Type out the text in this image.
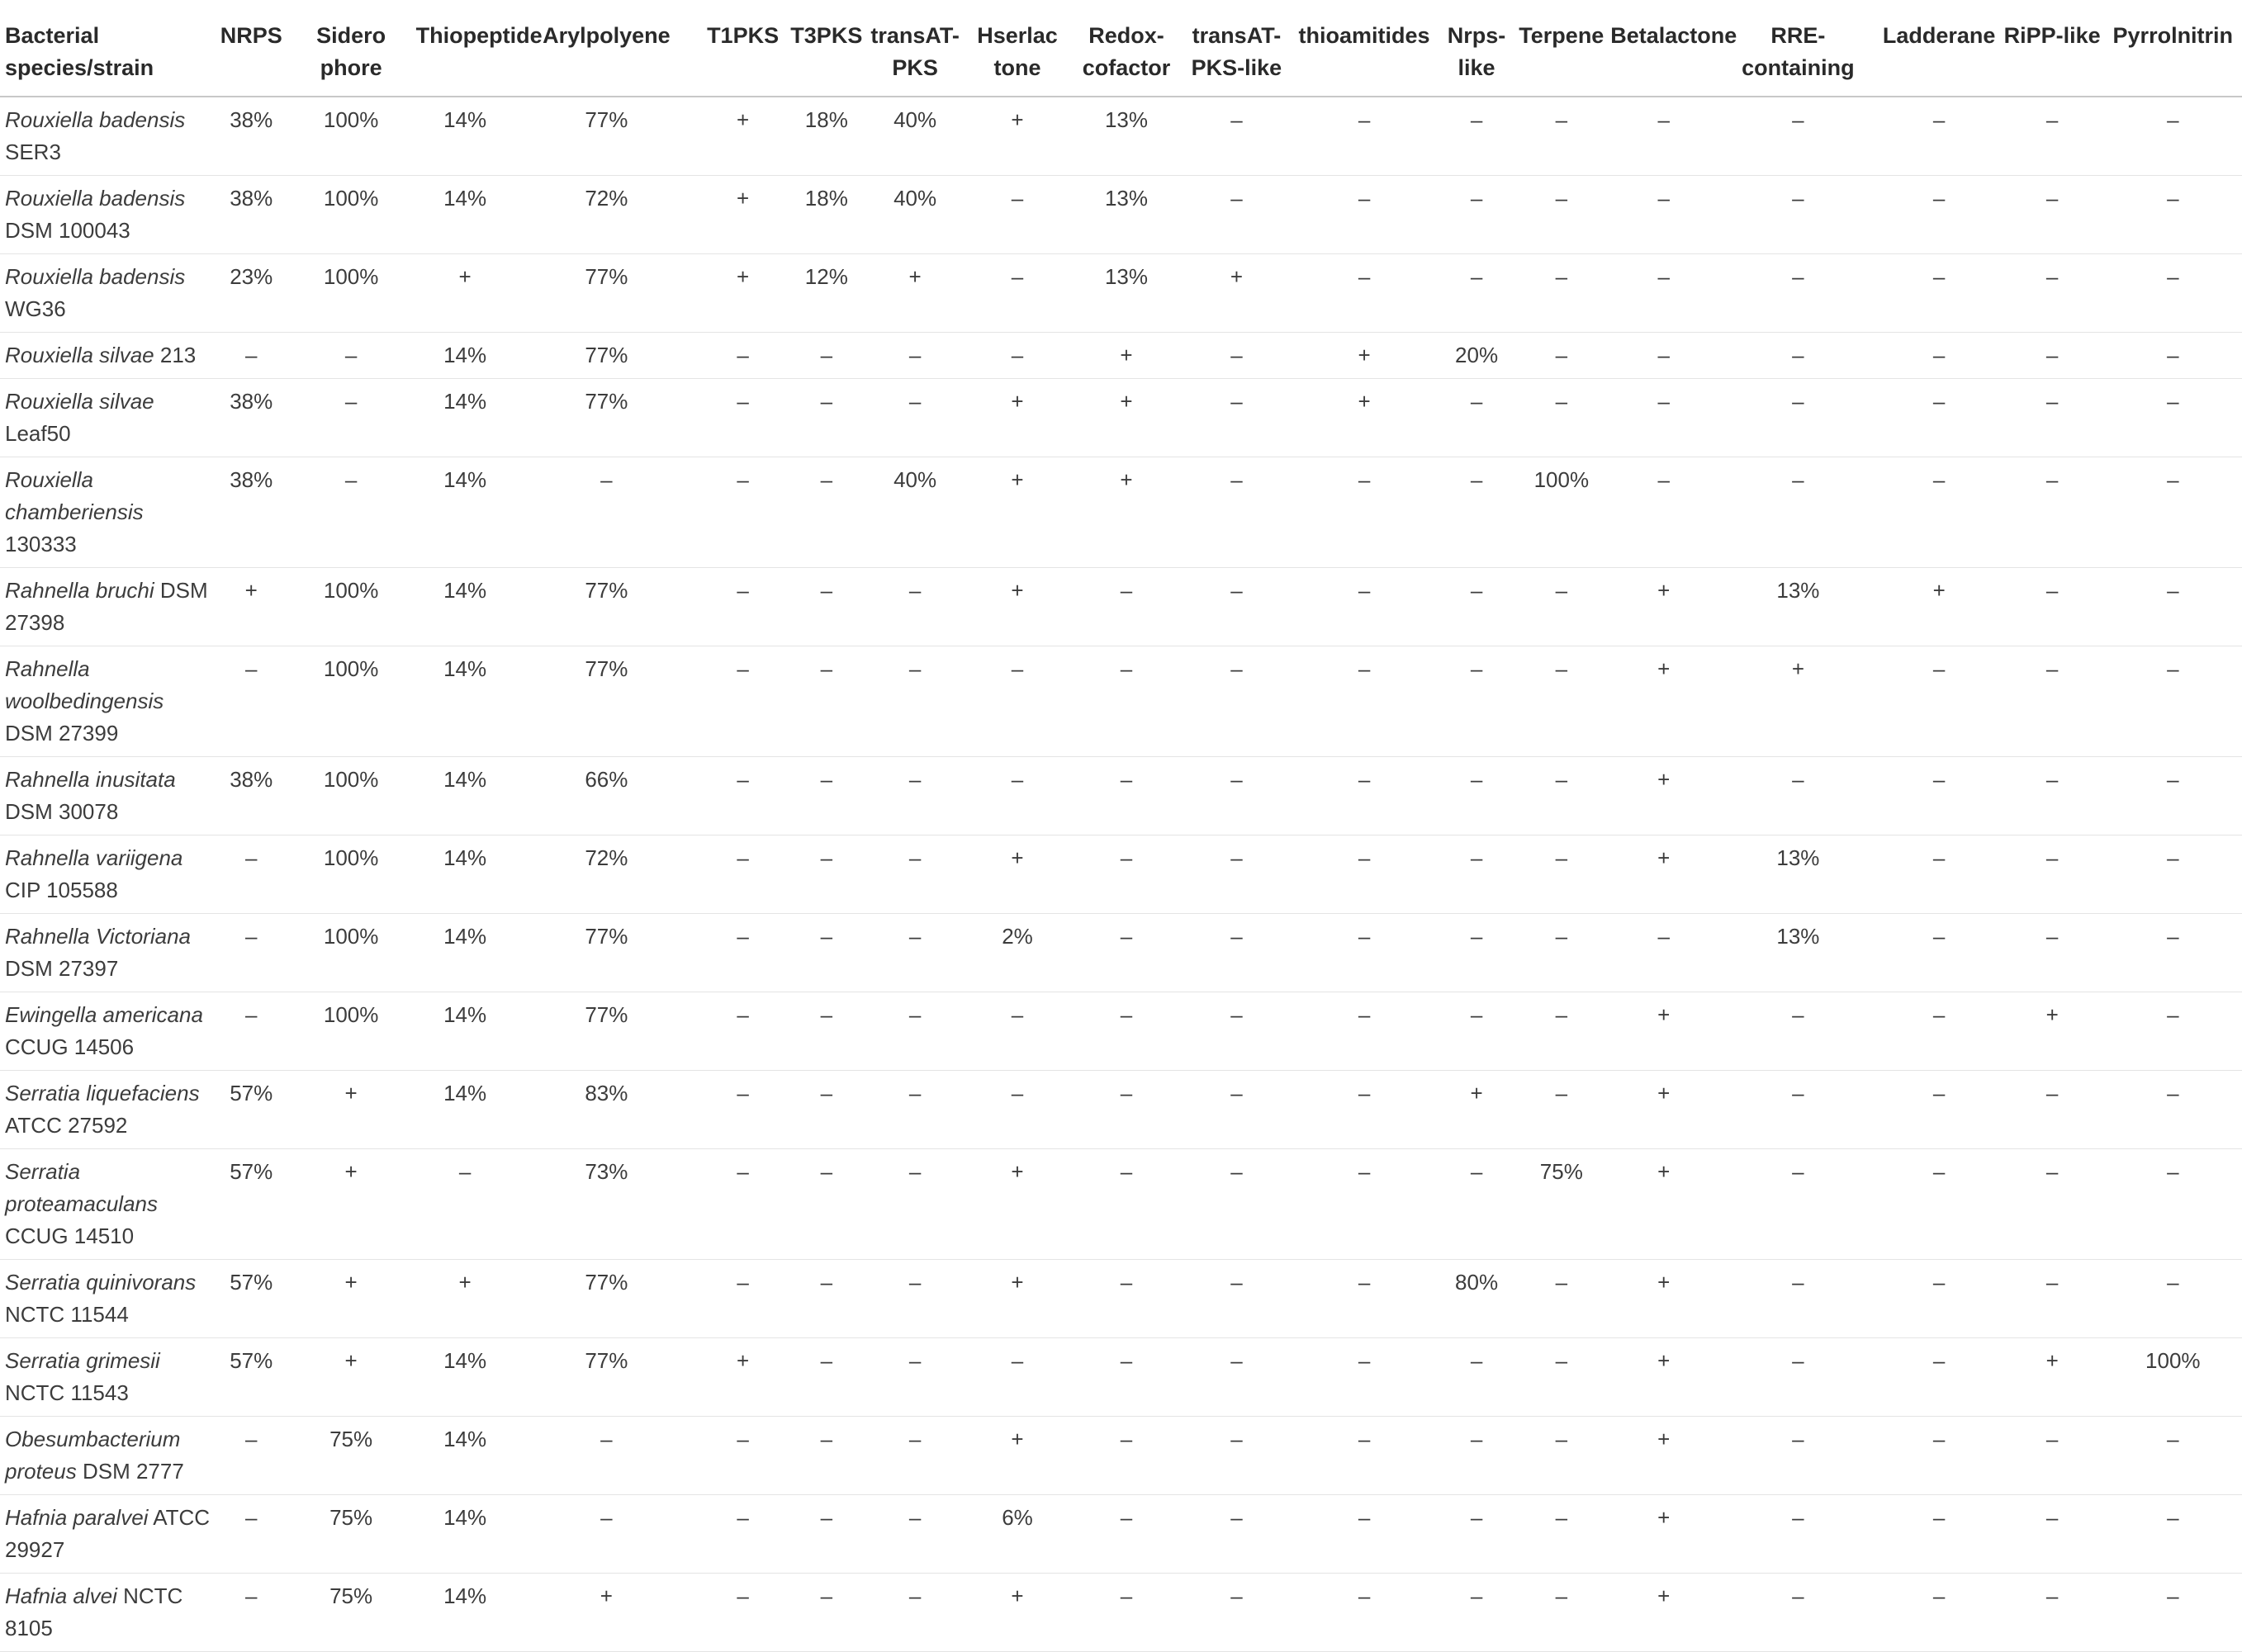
Bacterial species/strain	NRPS	Sidero phore	Thiopeptide	Arylpolyene	T1PKS	T3PKS	transAT-PKS	Hserlac tone	Redox-cofactor	transAT-PKS-like	thioamitides	Nrps-like	Terpene	Betalactone	RRE-containing	Ladderane	RiPP-like	Pyrrolnitrin
Rouxiella badensis SER3	38%	100%	14%	77%	+	18%	40%	+	13%	–	–	–	–	–	–	–	–	–
Rouxiella badensis DSM 100043	38%	100%	14%	72%	+	18%	40%	–	13%	–	–	–	–	–	–	–	–	–
Rouxiella badensis WG36	23%	100%	+	77%	+	12%	+	–	13%	+	–	–	–	–	–	–	–	–
Rouxiella silvae 213	–	–	14%	77%	–	–	–	–	+	–	+	20%	–	–	–	–	–	–
Rouxiella silvae Leaf50	38%	–	14%	77%	–	–	–	+	+	–	+	–	–	–	–	–	–	–
Rouxiella chamberiensis 130333	38%	–	14%	–	–	–	40%	+	+	–	–	–	100%	–	–	–	–	–
Rahnella bruchi DSM 27398	+	100%	14%	77%	–	–	–	+	–	–	–	–	–	+	13%	+	–	–
Rahnella woolbedingensis DSM 27399	–	100%	14%	77%	–	–	–	–	–	–	–	–	–	+	+	–	–	–
Rahnella inusitata DSM 30078	38%	100%	14%	66%	–	–	–	–	–	–	–	–	–	+	–	–	–	–
Rahnella variigena CIP 105588	–	100%	14%	72%	–	–	–	+	–	–	–	–	–	+	13%	–	–	–
Rahnella Victoriana DSM 27397	–	100%	14%	77%	–	–	–	2%	–	–	–	–	–	–	13%	–	–	–
Ewingella americana CCUG 14506	–	100%	14%	77%	–	–	–	–	–	–	–	–	–	+	–	–	+	–
Serratia liquefaciens ATCC 27592	57%	+	14%	83%	–	–	–	–	–	–	–	+	–	+	–	–	–	–
Serratia proteamaculans CCUG 14510	57%	+	–	73%	–	–	–	+	–	–	–	–	75%	+	–	–	–	–
Serratia quinivorans NCTC 11544	57%	+	+	77%	–	–	–	+	–	–	–	80%	–	+	–	–	–	–
Serratia grimesii NCTC 11543	57%	+	14%	77%	+	–	–	–	–	–	–	–	–	+	–	–	+	100%
Obesumbacterium proteus DSM 2777	–	75%	14%	–	–	–	–	+	–	–	–	–	–	+	–	–	–	–
Hafnia paralvei ATCC 29927	–	75%	14%	–	–	–	–	6%	–	–	–	–	–	+	–	–	–	–
Hafnia alvei NCTC 8105	–	75%	14%	+	–	–	–	+	–	–	–	–	–	+	–	–	–	–
